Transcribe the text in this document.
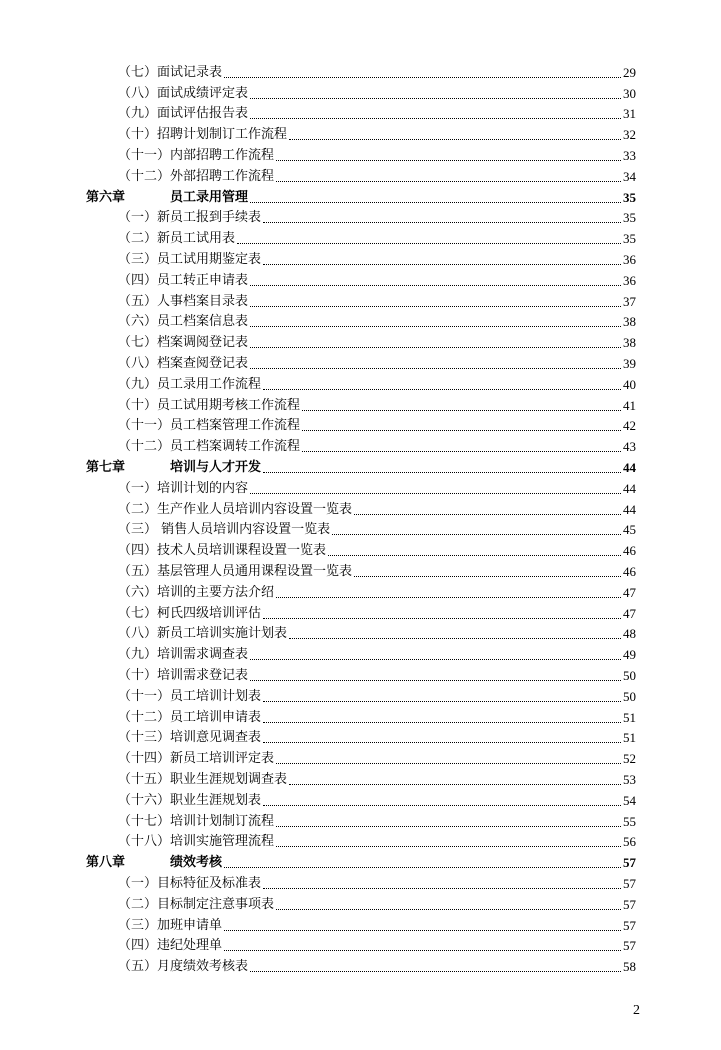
（七）面试记录表	29
（八）面试成绩评定表	30
（九）面试评估报告表	31
（十）招聘计划制订工作流程	32
（十一）内部招聘工作流程	33
（十二）外部招聘工作流程	34
第六章	员工录用管理	35
（一）新员工报到手续表	35
（二）新员工试用表	35
（三）员工试用期鉴定表	36
（四）员工转正申请表	36
（五）人事档案目录表	37
（六）员工档案信息表	38
（七）档案调阅登记表	38
（八）档案查阅登记表	39
（九）员工录用工作流程	40
（十）员工试用期考核工作流程	41
（十一）员工档案管理工作流程	42
（十二）员工档案调转工作流程	43
第七章	培训与人才开发	44
（一）培训计划的内容	44
（二）生产作业人员培训内容设置一览表	44
（三） 销售人员培训内容设置一览表	45
（四）技术人员培训课程设置一览表	46
（五）基层管理人员通用课程设置一览表	46
（六）培训的主要方法介绍	47
（七）柯氏四级培训评估	47
（八）新员工培训实施计划表	48
（九）培训需求调查表	49
（十）培训需求登记表	50
（十一）员工培训计划表	50
（十二）员工培训申请表	51
（十三）培训意见调查表	51
（十四）新员工培训评定表	52
（十五）职业生涯规划调查表	53
（十六）职业生涯规划表	54
（十七）培训计划制订流程	55
（十八）培训实施管理流程	56
第八章	绩效考核	57
（一）目标特征及标准表	57
（二）目标制定注意事项表	57
（三）加班申请单	57
（四）违纪处理单	57
（五）月度绩效考核表	58
2
